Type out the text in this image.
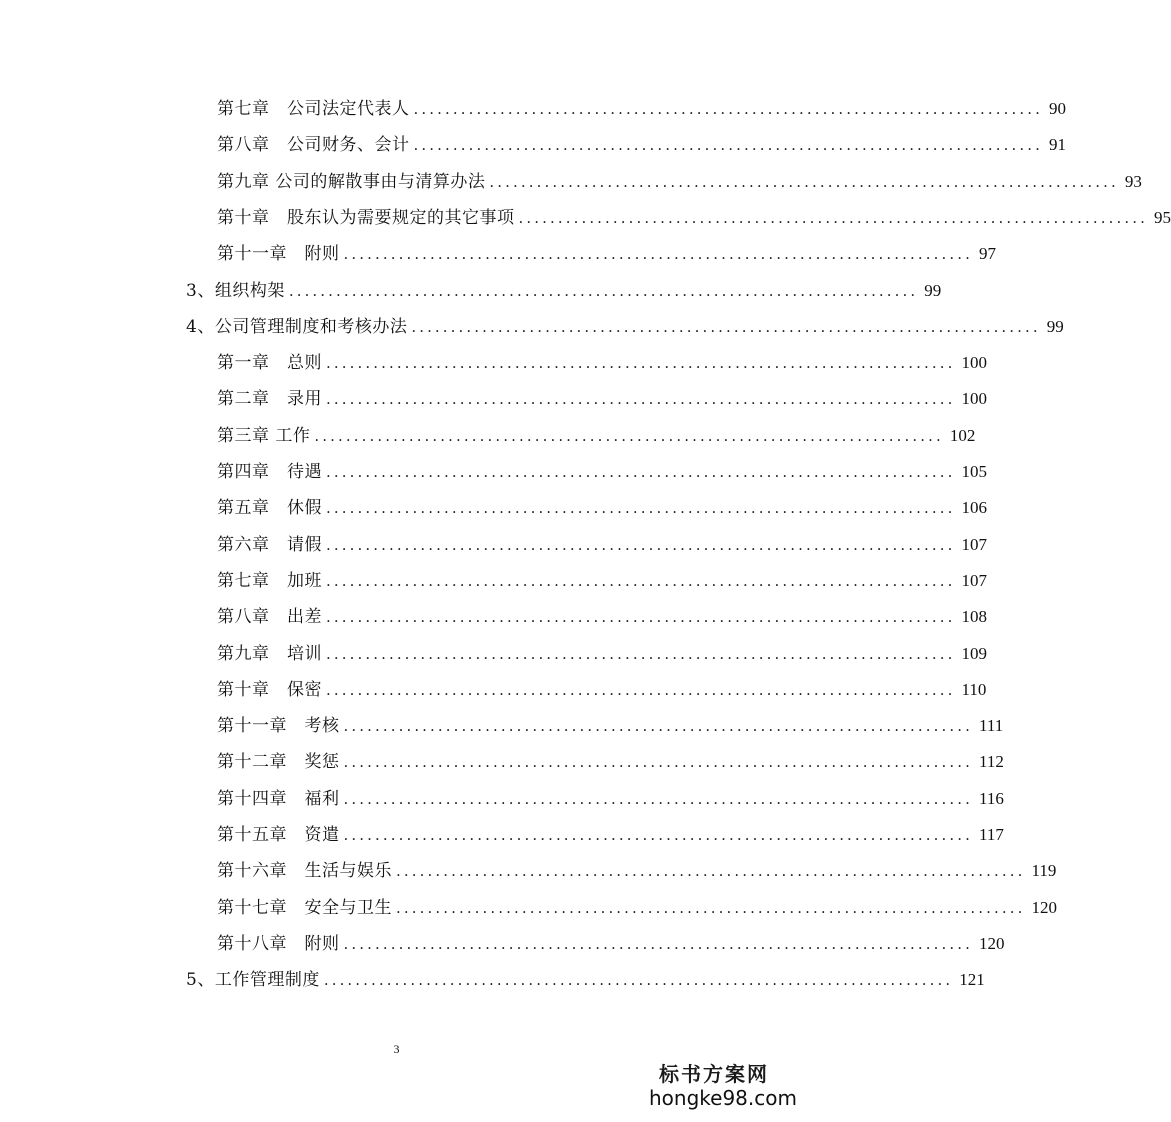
第七章　公司法定代表人 ................................................................................ 90
第八章　公司财务、会计 ................................................................................ 91
第九章 公司的解散事由与清算办法 ................................................................................ 93
第十章　股东认为需要规定的其它事项 ................................................................................ 95
第十一章　附则 ................................................................................ 97
3、组织构架 ................................................................................ 99
4、公司管理制度和考核办法 ................................................................................ 99
第一章　总则 ................................................................................ 100
第二章　录用 ................................................................................ 100
第三章 工作 ................................................................................ 102
第四章　待遇 ................................................................................ 105
第五章　休假 ................................................................................ 106
第六章　请假 ................................................................................ 107
第七章　加班 ................................................................................ 107
第八章　出差 ................................................................................ 108
第九章　培训 ................................................................................ 109
第十章　保密 ................................................................................ 110
第十一章　考核 ................................................................................ 111
第十二章　奖惩 ................................................................................ 112
第十四章　福利 ................................................................................ 116
第十五章　资遣 ................................................................................ 117
第十六章　生活与娱乐 ................................................................................ 119
第十七章　安全与卫生 ................................................................................ 120
第十八章　附则 ................................................................................ 120
5、工作管理制度 ................................................................................ 121
3
标书方案网
hongke98.com
